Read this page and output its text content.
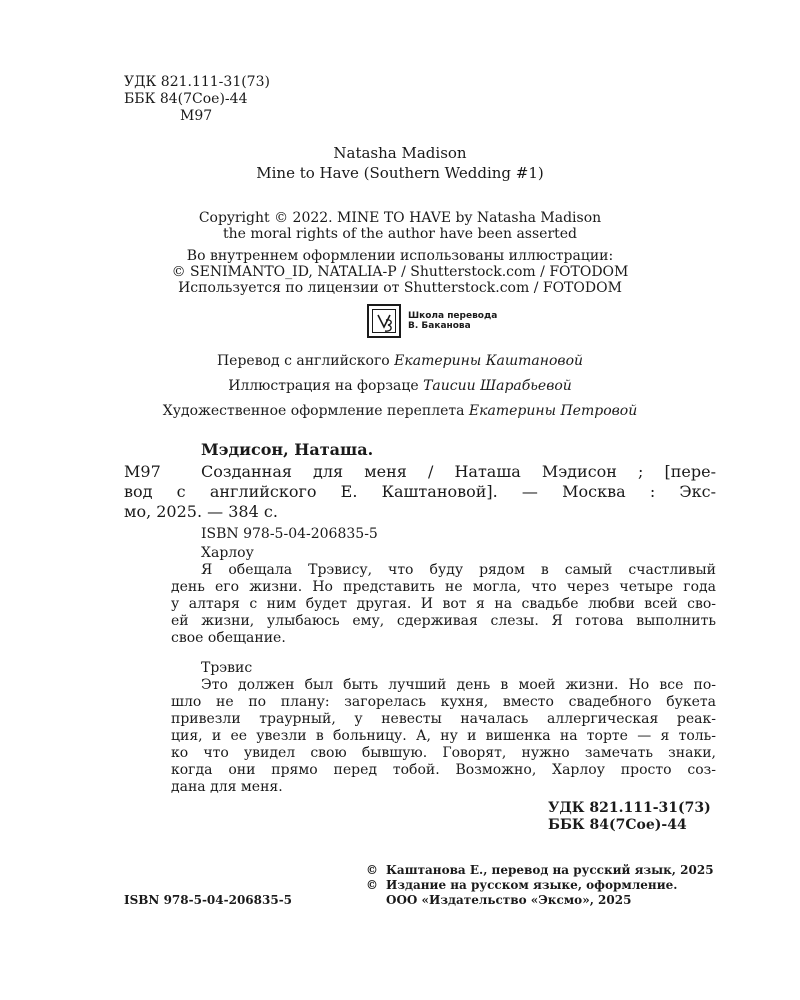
УДК 821.111-31(73)
ББК 84(7Сое)-44
М97
Natasha Madison
Mine to Have (Southern Wedding #1)
Copyright © 2022. MINE TO HAVE by Natasha Madison
the moral rights of the author have been asserted
Во внутреннем оформлении использованы иллюстрации:
© SENIMANTO_ID, NATALIA-P / Shutterstock.com / FOTODOM
Используется по лицензии от Shutterstock.com / FOTODOM
Школа перевода
В. Баканова
Перевод с английского Екатерины Каштановой
Иллюстрация на форзаце Таисии Шарабьевой
Художественное оформление переплета Екатерины Петровой
Мэдисон, Наташа.
М97	Созданная для меня / Наташа Мэдисон ; [пере-
вод с английского Е. Каштановой]. — Москва : Экс-
мо, 2025. — 384 с.
ISBN 978-5-04-206835-5
Харлоу
Я обещала Трэвису, что буду рядом в самый счастливый
день его жизни. Но представить не могла, что через четыре года
у алтаря с ним будет другая. И вот я на свадьбе любви всей сво-
ей жизни, улыбаюсь ему, сдерживая слезы. Я готова выполнить
свое обещание.
Трэвис
Это должен был быть лучший день в моей жизни. Но все по-
шло не по плану: загорелась кухня, вместо свадебного букета
привезли траурный, у невесты началась аллергическая реак-
ция, и ее увезли в больницу. А, ну и вишенка на торте — я толь-
ко что увидел свою бывшую. Говорят, нужно замечать знаки,
когда они прямо перед тобой. Возможно, Харлоу просто соз-
дана для меня.
УДК 821.111-31(73)
ББК 84(7Сое)-44
ISBN 978-5-04-206835-5
© Каштанова Е., перевод на русский язык, 2025
© Издание на русском языке, оформление.
ООО «Издательство «Эксмо», 2025
